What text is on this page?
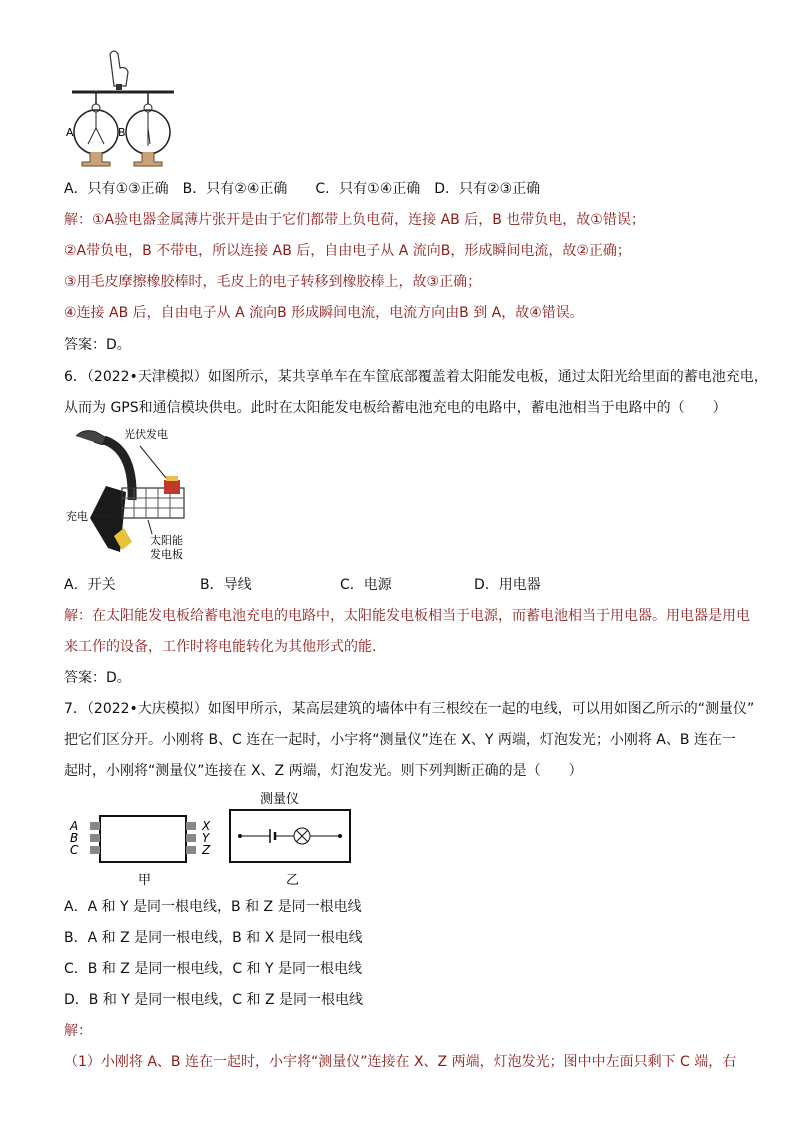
A	B
A．只有①③正确　B．只有②④正确　　C．只有①④正确　D．只有②③正确
解：①A验电器金属薄片张开是由于它们都带上负电荷，连接 AB 后，B 也带负电，故①错误；
②A带负电，B 不带电，所以连接 AB 后，自由电子从 A 流向B，形成瞬间电流，故②正确；
③用毛皮摩擦橡胶棒时，毛皮上的电子转移到橡胶棒上，故③正确；
④连接 AB 后，自由电子从 A 流向B 形成瞬间电流，电流方向由B 到 A，故④错误。
答案：D。
6．（2022•天津模拟）如图所示，某共享单车在车筐底部覆盖着太阳能发电板，通过太阳光给里面的蓄电池充电，
从而为 GPS和通信模块供电。此时在太阳能发电板给蓄电池充电的电路中，蓄电池相当于电路中的（　　）
光伏发电
充电
太阳能
发电板
A．开关	B．导线	C．电源	D．用电器
解：在太阳能发电板给蓄电池充电的电路中，太阳能发电板相当于电源，而蓄电池相当于用电器。用电器是用电
来工作的设备，工作时将电能转化为其他形式的能．
答案：D。
7．（2022•大庆模拟）如图甲所示，某高层建筑的墙体中有三根绞在一起的电线，可以用如图乙所示的“测量仪”
把它们区分开。小刚将 B、C 连在一起时，小宇将“测量仪”连在 X、Y 两端，灯泡发光；小刚将 A、B 连在一
起时，小刚将“测量仪”连接在 X、Z 两端，灯泡发光。则下列判断正确的是（　　）
A
B
C
X
Y
Z
甲
测量仪
乙
A．A 和 Y 是同一根电线，B 和 Z 是同一根电线
B．A 和 Z 是同一根电线，B 和 X 是同一根电线
C．B 和 Z 是同一根电线，C 和 Y 是同一根电线
D．B 和 Y 是同一根电线，C 和 Z 是同一根电线
解：
（1）小刚将 A、B 连在一起时，小宇将“测量仪”连接在 X、Z 两端，灯泡发光；图中中左面只剩下 C 端，右
